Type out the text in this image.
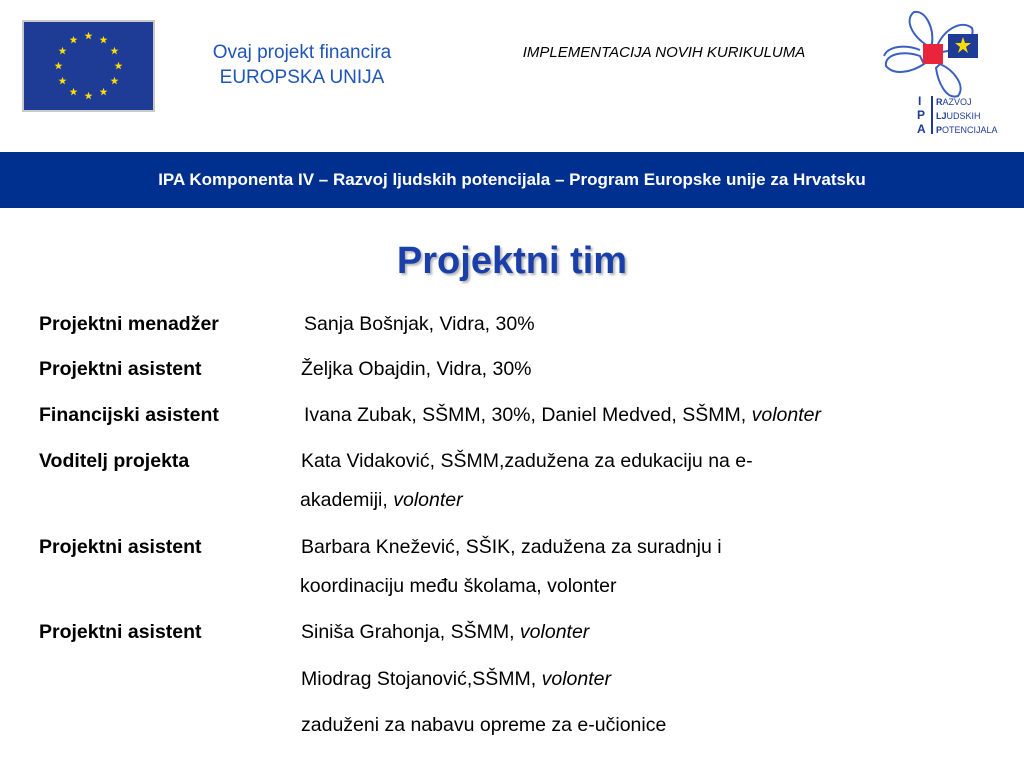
Ovaj projekt financira
EUROPSKA UNIJA
IMPLEMENTACIJA NOVIH KURIKULUMA
I
P
A
RAZVOJ
LJUDSKIH
POTENCIJALA
IPA Komponenta IV – Razvoj ljudskih potencijala – Program Europske unije za Hrvatsku
Projektni tim
Projektni menadžer	Sanja Bošnjak, Vidra, 30%
Projektni asistent	Željka Obajdin, Vidra, 30%
Financijski asistent	Ivana Zubak, SŠMM, 30%, Daniel Medved, SŠMM, volonter
Voditelj projekta	Kata Vidaković, SŠMM,zadužena za edukaciju na e-
akademiji, volonter
Projektni asistent	Barbara Knežević, SŠIK, zadužena za suradnju i
koordinaciju među školama, volonter
Projektni asistent	Siniša Grahonja, SŠMM, volonter
Miodrag Stojanović,SŠMM, volonter
zaduženi za nabavu opreme za e-učionice
